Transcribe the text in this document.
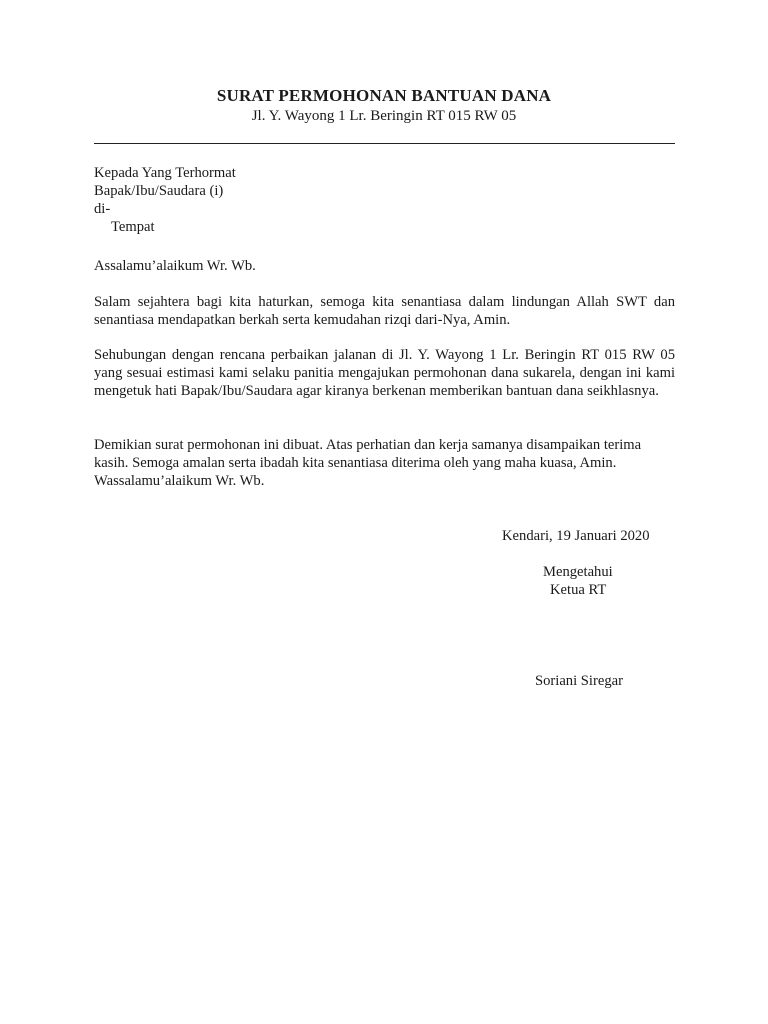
SURAT PERMOHONAN BANTUAN DANA
Jl. Y. Wayong 1 Lr. Beringin RT 015 RW 05
Kepada Yang Terhormat
Bapak/Ibu/Saudara (i)
di-
Tempat
Assalamu’alaikum Wr. Wb.

Salam sejahtera bagi kita haturkan, semoga kita senantiasa dalam lindungan Allah SWT dan senantiasa mendapatkan berkah serta kemudahan rizqi dari-Nya, Amin.

Sehubungan dengan rencana perbaikan jalanan di Jl. Y. Wayong 1 Lr. Beringin RT 015 RW 05 yang sesuai estimasi kami selaku panitia mengajukan permohonan dana sukarela, dengan ini kami mengetuk hati Bapak/Ibu/Saudara agar kiranya berkenan memberikan bantuan dana seikhlasnya.

Demikian surat permohonan ini dibuat. Atas perhatian dan kerja samanya disampaikan terima
kasih. Semoga amalan serta ibadah kita senantiasa diterima oleh yang maha kuasa, Amin.
Wassalamu’alaikum Wr. Wb.
Kendari, 19 Januari 2020
Mengetahui
Ketua RT
Soriani Siregar
